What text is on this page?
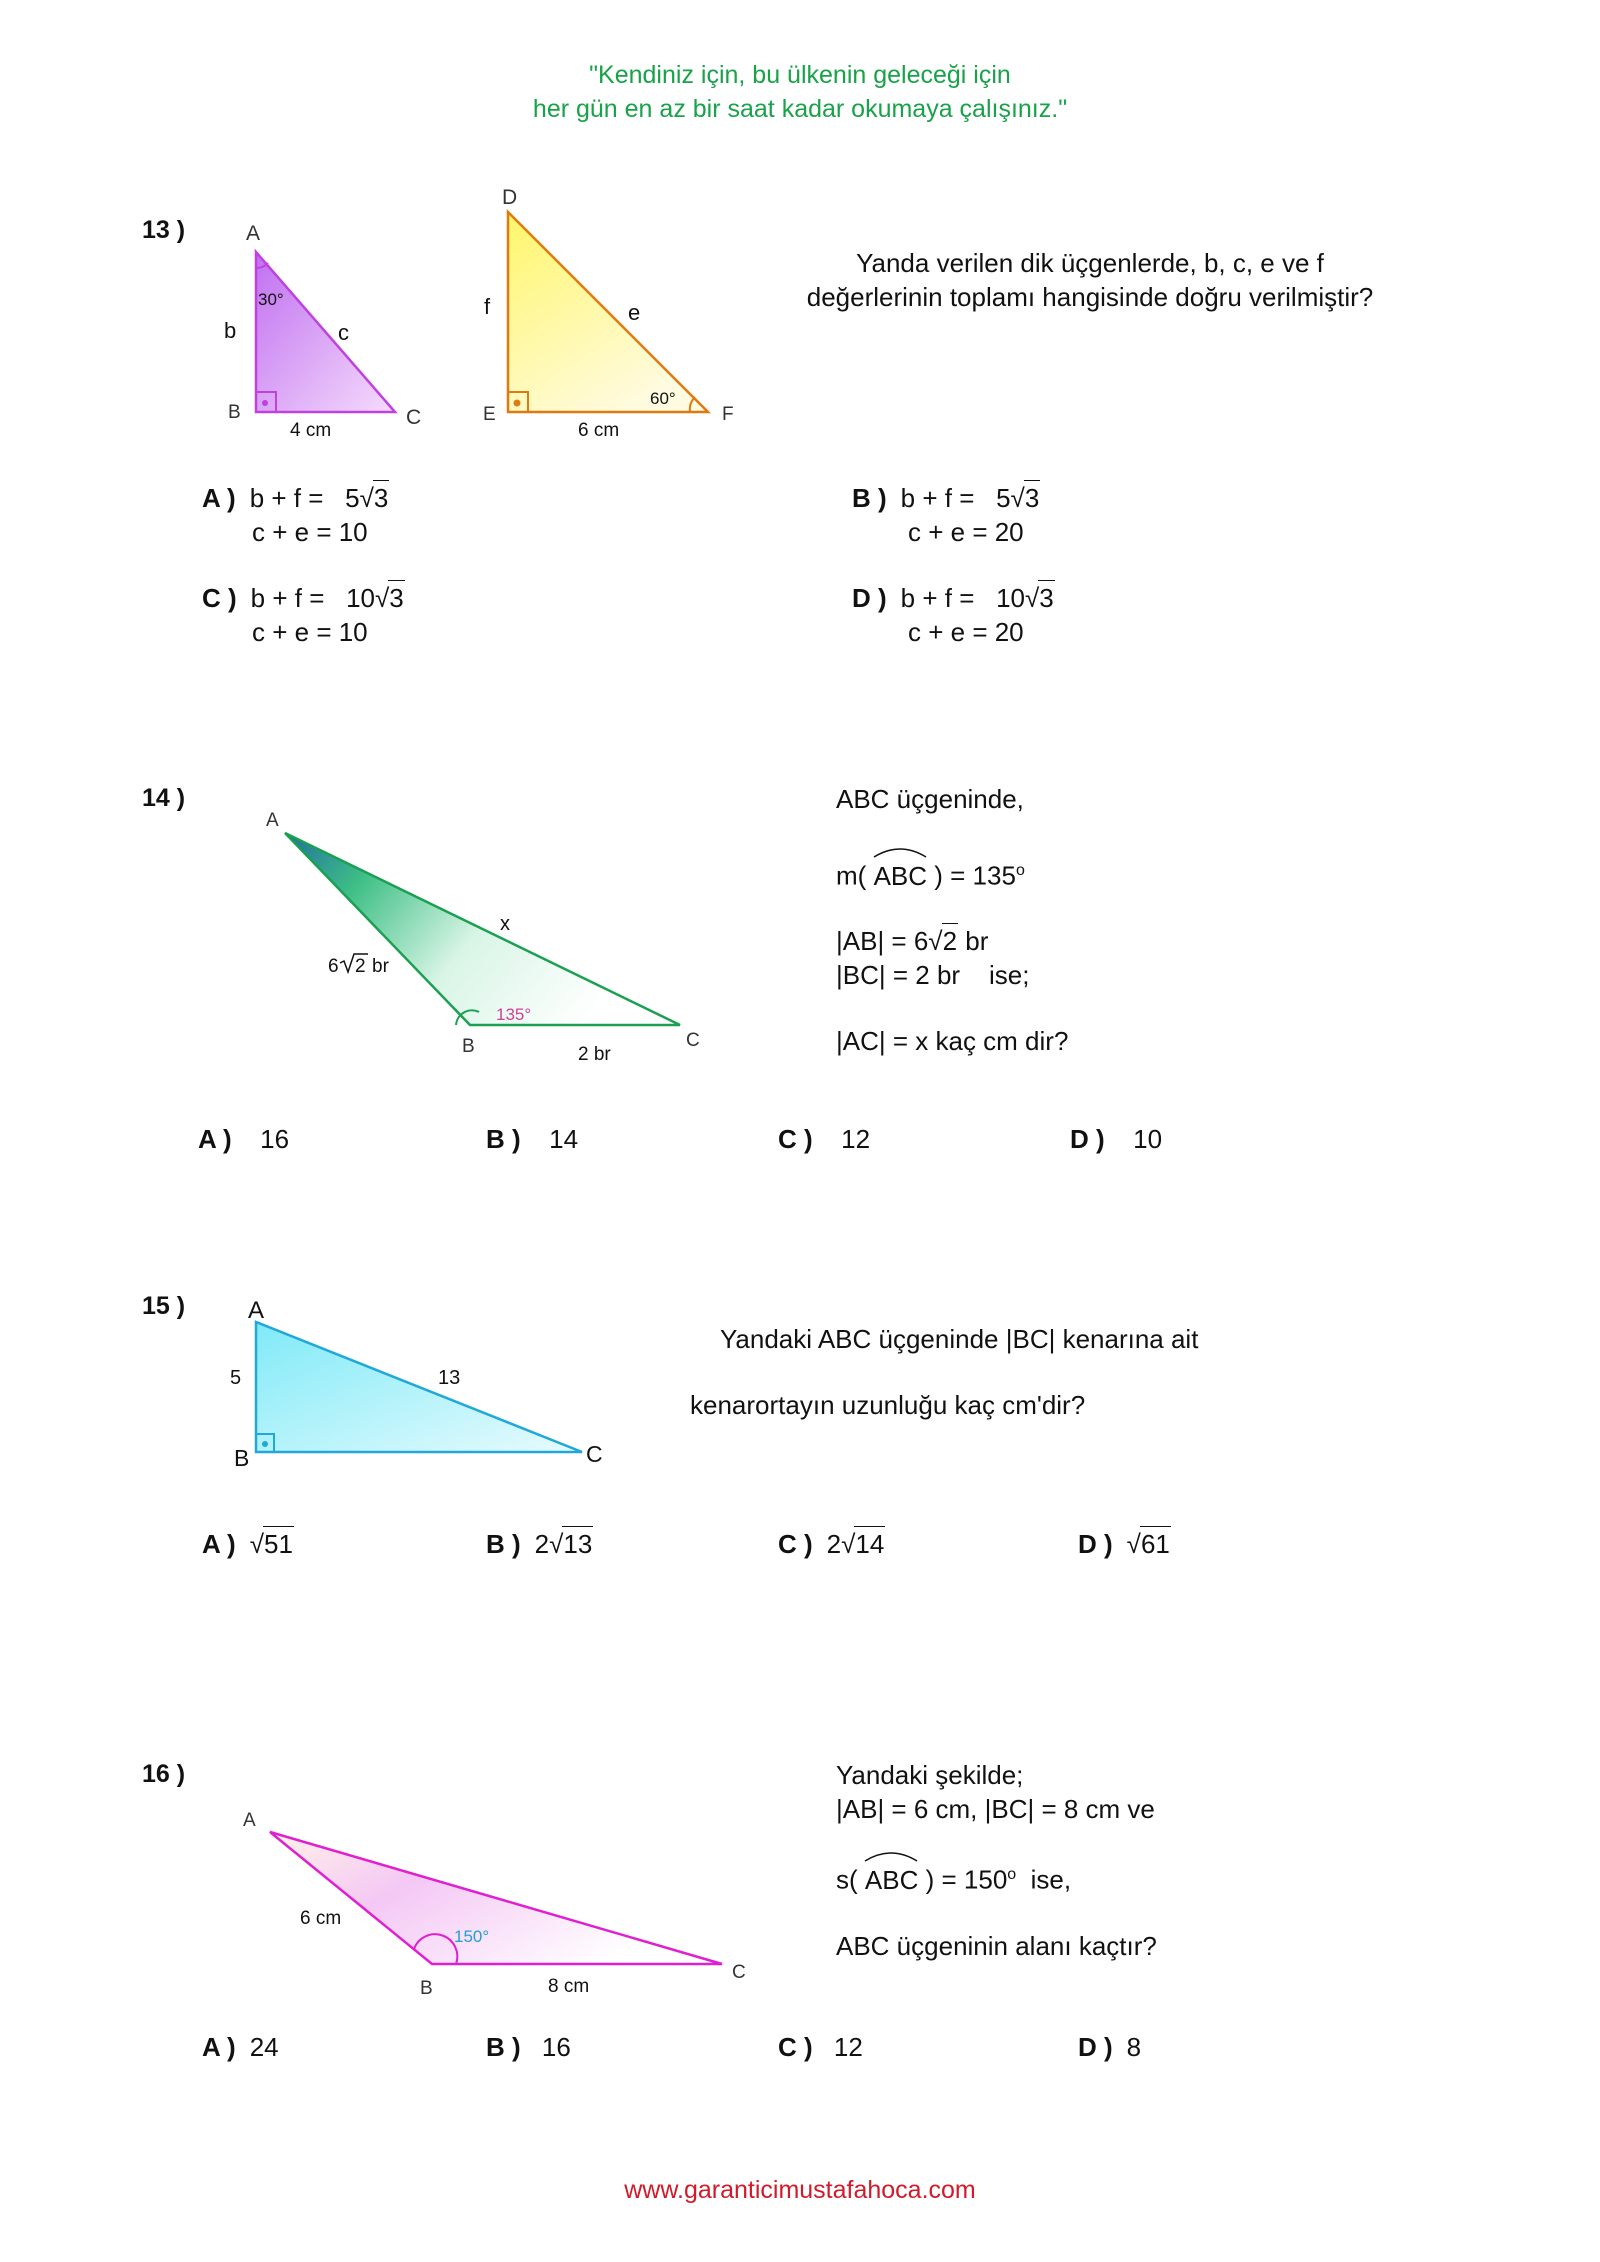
"Kendiniz için, bu ülkenin geleceği için
her gün en az bir saat kadar okumaya çalışınız."
13 )	A
B	C
b	c
30°
4 cm
D
E	F
f	e
60°
6 cm
A
B	C
x
2 br
135°
6 2 br
A
B	C
5	13
A
B
C
6 cm
8 cm
150°
Yanda verilen dik üçgenlerde, b, c, e ve f
değerlerinin toplamı hangisinde doğru verilmiştir?
A ) b + f =   5√3
c + e = 10
B ) b + f =   5√3
c + e = 20
C ) b + f =   10√3
c + e = 10
D ) b + f =   10√3
c + e = 20
14 )	ABC üçgeninde,
m( ABC ) = $135^o$
|AB| = 6√2 br
|BC| = 2 br    ise;
|AC| = x kaç cm dir?
A ) 16	B ) 14	C ) 12	D ) 10
15 )
Yandaki ABC üçgeninde |BC| kenarına ait
kenarortayın uzunluğu kaç cm'dir?
A ) √51	B ) 2√13	C ) 2√14	D ) √61
16 )	Yandaki şekilde;
|AB| = 6 cm, |BC| = 8 cm ve
s( ABC ) = $150^o$ ise,
ABC üçgeninin alanı kaçtır?
A ) 24	B ) 16	C ) 12	D ) 8
www.garanticimustafahoca.com
